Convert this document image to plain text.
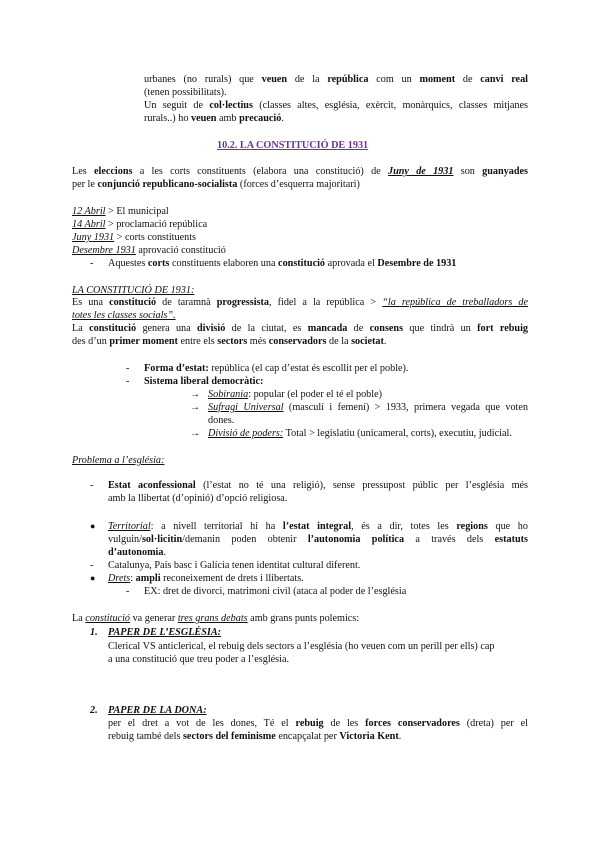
urbanes (no rurals) que veuen de la república com un moment de canvi real
(tenen possibilitats).
Un seguit de col·lectius (classes altes, església, exèrcit, monàrquics, classes mitjanes
rurals..) ho veuen amb precaució.
10.2. LA CONSTITUCIÓ DE 1931
Les eleccions a les corts constituents (elabora una constitució) de Juny de 1931 son guanyades
per le conjunció republicano-socialista (forces d’esquerra majoritari)
12 Abril > El municipal
14 Abril > proclamació república
Juny 1931 > corts constituents
Desembre 1931 aprovació constitució
- Aquestes corts constituents elaboren una constitució aprovada el Desembre de 1931
LA CONSTITUCIÓ DE 1931:
Es una constitució de taramnà progressista, fidel a la república > “la república de treballadors de
totes les classes socials”.
La constitució genera una divisió de la ciutat, es mancada de consens que tindrà un fort rebuig
des d’un primer moment entre els sectors més conservadors de la societat.
- Forma d’estat: república (el cap d’estat és escollit per el poble).
- Sistema liberal democràtic:
→ Sobirania: popular (el poder el té el poble)
→ Sufragi Universal (masculí i femení) > 1933, primera vegada que voten
dones.
→ Divisió de poders: Total > legislatiu (unicameral, corts), executiu, judicial.
Problema a l’església:
- Estat aconfessional (l’estat no té una religió), sense pressupost públic per l’església més
amb la llibertat (d’opinió) d’opció religiosa.
● Territorial: a nivell territorial hi ha l’estat integral, és a dir, totes les regions que ho
vulguin/sol·licitin/demanin poden obtenir l’autonomia política a través dels estatuts
d’autonomia.
- Catalunya, País basc i Galícia tenen identitat cultural diferent.
● Drets: ampli reconeixement de drets i llibertats.
- EX: dret de divorci, matrimoni civil (ataca al poder de l’església
La constitució va generar tres grans debats amb grans punts polemics:
1. PAPER DE L’ESGLÉSIA:
Clerical VS anticlerical, el rebuig dels sectors a l’església (ho veuen com un perill per ells) cap
a una constitució que treu poder a l’església.
2. PAPER DE LA DONA:
per el dret a vot de les dones, Té el rebuig de les forces conservadores (dreta) per el
rebuig també dels sectors del feminisme encapçalat per Victoria Kent.
